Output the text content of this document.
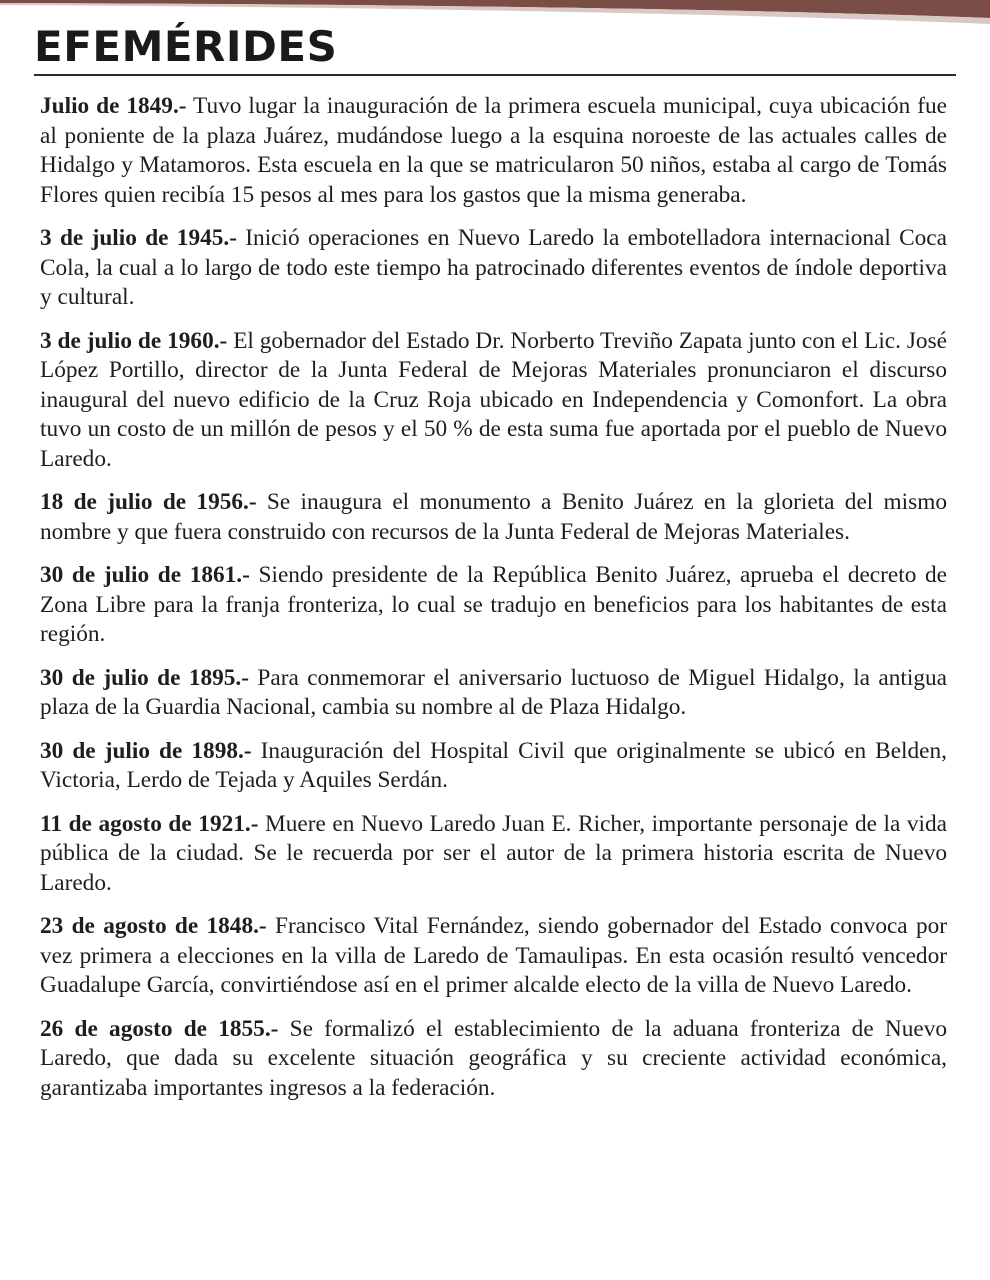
EFEMÉRIDES

Julio de 1849.- Tuvo lugar la inauguración de la primera escuela municipal, cuya ubicación fue al poniente de la plaza Juárez, mudándose luego a la esquina noroeste de las actuales calles de Hidalgo y Matamoros. Esta escuela en la que se matricularon 50 niños, estaba al cargo de Tomás Flores quien recibía 15 pesos al mes para los gastos que la misma generaba.

3 de julio de 1945.- Inició operaciones en Nuevo Laredo la embotelladora internacional Coca Cola, la cual a lo largo de todo este tiempo ha patrocinado diferentes eventos de índole deportiva y cultural.

3 de julio de 1960.- El gobernador del Estado Dr. Norberto Treviño Zapata junto con el Lic. José López Portillo, director de la Junta Federal de Mejoras Materiales pronunciaron el discurso inaugural del nuevo edificio de la Cruz Roja ubicado en Independencia y Comonfort. La obra tuvo un costo de un millón de pesos y el 50 % de esta suma fue aportada por el pueblo de Nuevo Laredo.

18 de julio de 1956.- Se inaugura el monumento a Benito Juárez en la glorieta del mismo nombre y que fuera construido con recursos de la Junta Federal de Mejoras Materiales.

30 de julio de 1861.- Siendo presidente de la República Benito Juárez, aprueba el decreto de Zona Libre para la franja fronteriza, lo cual se tradujo en beneficios para los habitantes de esta región.

30 de julio de 1895.- Para conmemorar el aniversario luctuoso de Miguel Hidalgo, la antigua plaza de la Guardia Nacional, cambia su nombre al de Plaza Hidalgo.

30 de julio de 1898.- Inauguración del Hospital Civil que originalmente se ubicó en Belden, Victoria, Lerdo de Tejada y Aquiles Serdán.

11 de agosto de 1921.- Muere en Nuevo Laredo Juan E. Richer, importante personaje de la vida pública de la ciudad. Se le recuerda por ser el autor de la primera historia escrita de Nuevo Laredo.

23 de agosto de 1848.- Francisco Vital Fernández, siendo gobernador del Estado convoca por vez primera a elecciones en la villa de Laredo de Tamaulipas. En esta ocasión resultó vencedor Guadalupe García, convirtiéndose así en el primer alcalde electo de la villa de Nuevo Laredo.

26 de agosto de 1855.- Se formalizó el establecimiento de la aduana fronteriza de Nuevo Laredo, que dada su excelente situación geográfica y su creciente actividad económica, garantizaba importantes ingresos a la federación.
